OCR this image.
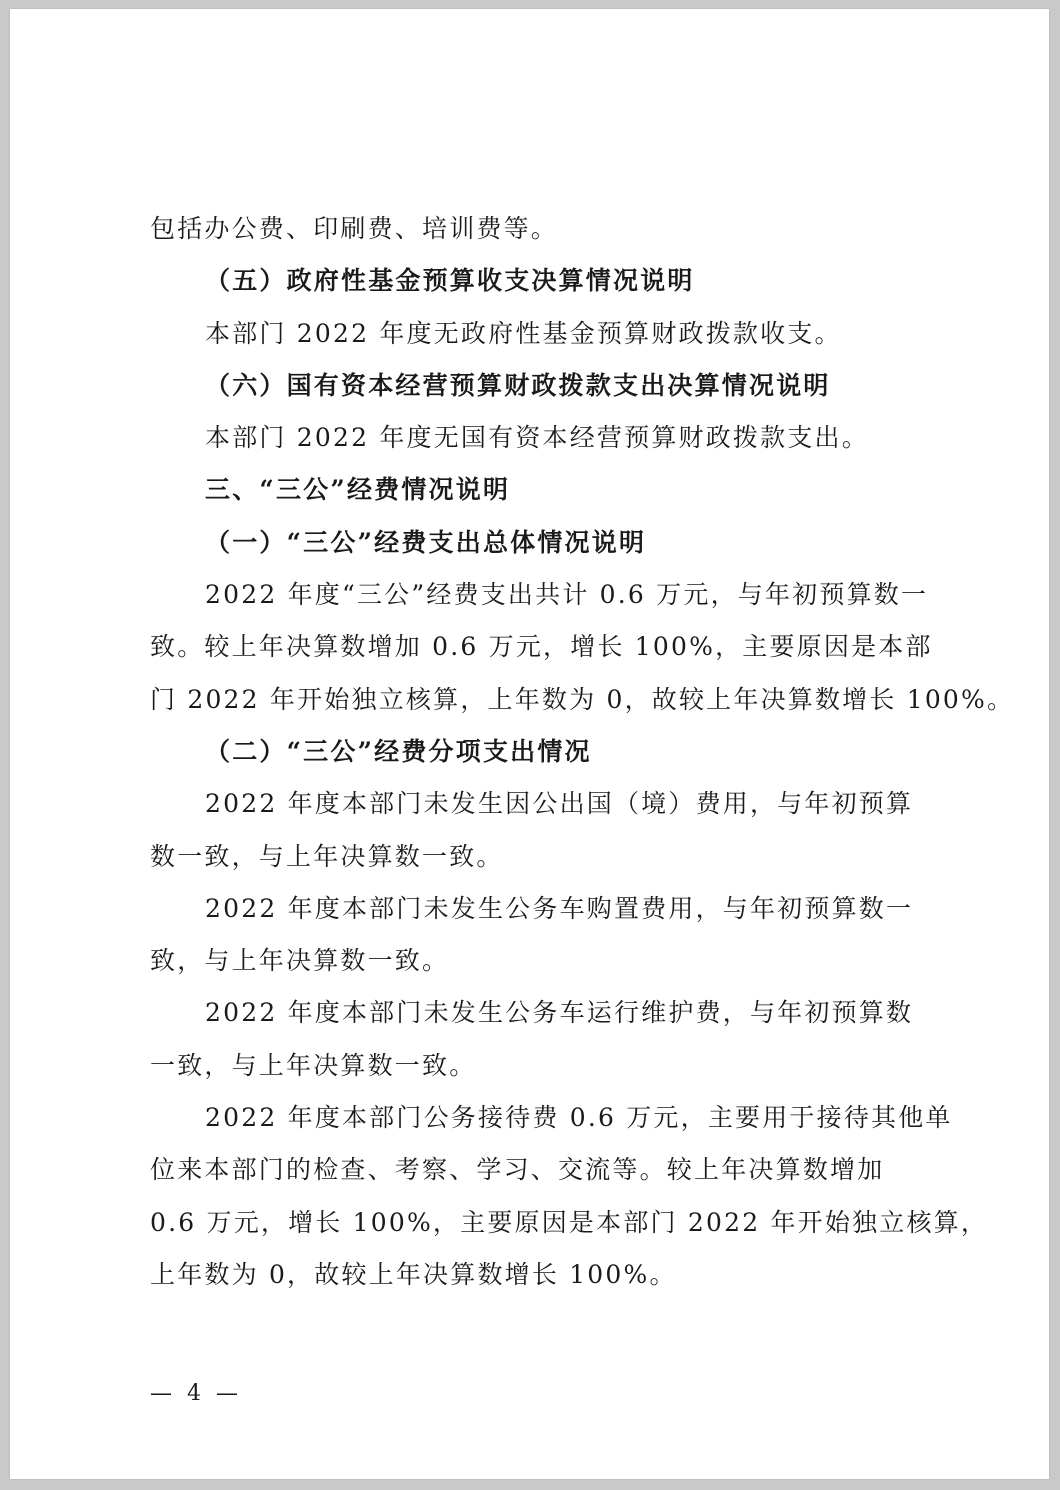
包括办公费、印刷费、培训费等。
（五）政府性基金预算收支决算情况说明
本部门 2022 年度无政府性基金预算财政拨款收支。
（六）国有资本经营预算财政拨款支出决算情况说明
本部门 2022 年度无国有资本经营预算财政拨款支出。
三、“三公”经费情况说明
（一）“三公”经费支出总体情况说明
2022 年度“三公”经费支出共计 0.6 万元，与年初预算数一
致。较上年决算数增加 0.6 万元，增长 100%，主要原因是本部
门 2022 年开始独立核算，上年数为 0，故较上年决算数增长 100%。
（二）“三公”经费分项支出情况
2022 年度本部门未发生因公出国（境）费用，与年初预算
数一致，与上年决算数一致。
2022 年度本部门未发生公务车购置费用，与年初预算数一
致，与上年决算数一致。
2022 年度本部门未发生公务车运行维护费，与年初预算数
一致，与上年决算数一致。
2022 年度本部门公务接待费 0.6 万元，主要用于接待其他单
位来本部门的检查、考察、学习、交流等。较上年决算数增加
0.6 万元，增长 100%，主要原因是本部门 2022 年开始独立核算，
上年数为 0，故较上年决算数增长 100%。
— 4 —
